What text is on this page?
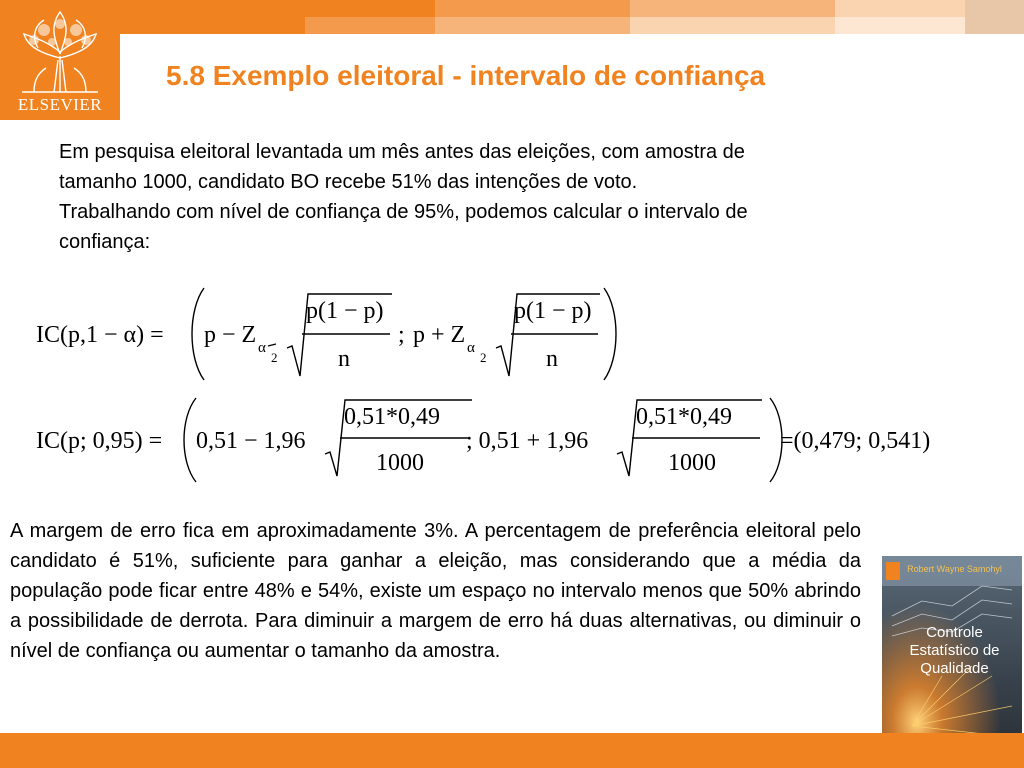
ELSEVIER
5.8 Exemplo eleitoral - intervalo de confiança
Em pesquisa eleitoral levantada um mês antes das eleições, com amostra de
tamanho 1000, candidato BO recebe 51% das intenções de voto.
Trabalhando com nível de confiança de 95%, podemos calcular o intervalo de
confiança:
IC(p,1 − α) = p − Z α
2
p(1 − p)
n
; p + Z α
2
p(1 − p)
n
IC(p; 0,95) = 0,51 − 1,96
0,51*0,49
1000
; 0,51 + 1,96
0,51*0,49
1000
=(0,479; 0,541)
A margem de erro fica em aproximadamente 3%. A percentagem de preferência eleitoral pelo candidato é 51%, suficiente para ganhar a eleição, mas considerando que a média da população pode ficar entre 48% e 54%, existe um espaço no intervalo menos que 50% abrindo a possibilidade de derrota. Para diminuir a margem de erro há duas alternativas, ou diminuir o nível de confiança ou aumentar o tamanho da amostra.
Robert Wayne Samohyl
Controle
Estatístico de
Qualidade
